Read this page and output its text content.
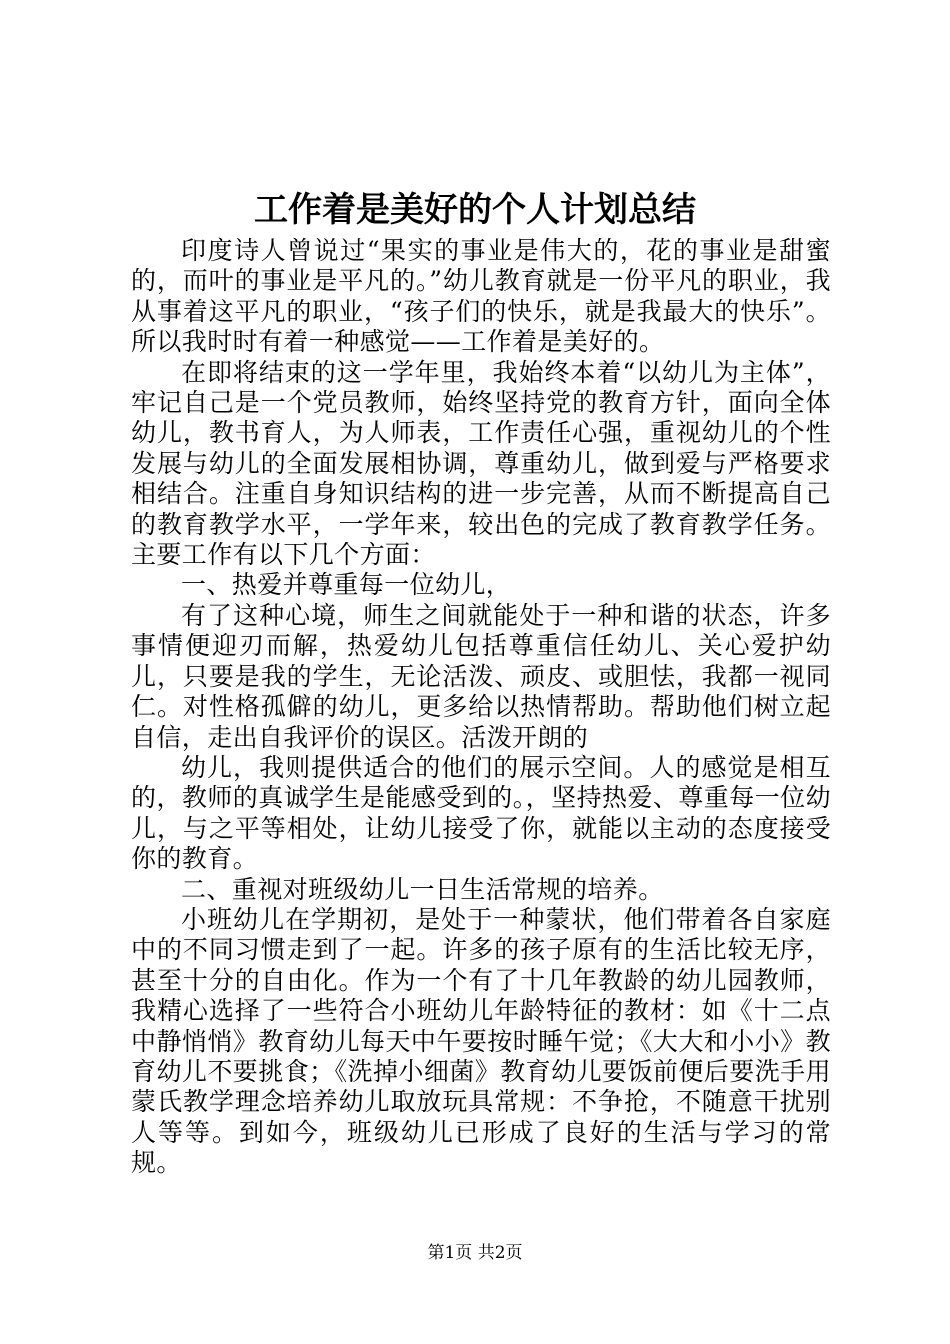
工作着是美好的个人计划总结

印度诗人曾说过“果实的事业是伟大的，花的事业是甜蜜的，而叶的事业是平凡的。”幼儿教育就是一份平凡的职业，我从事着这平凡的职业，“孩子们的快乐，就是我最大的快乐”。所以我时时有着一种感觉——工作着是美好的。

在即将结束的这一学年里，我始终本着“以幼儿为主体”，牢记自己是一个党员教师，始终坚持党的教育方针，面向全体幼儿，教书育人，为人师表，工作责任心强，重视幼儿的个性发展与幼儿的全面发展相协调，尊重幼儿，做到爱与严格要求相结合。注重自身知识结构的进一步完善，从而不断提高自己的教育教学水平，一学年来，较出色的完成了教育教学任务。主要工作有以下几个方面：

一、热爱并尊重每一位幼儿，

有了这种心境，师生之间就能处于一种和谐的状态，许多事情便迎刃而解，热爱幼儿包括尊重信任幼儿、关心爱护幼儿，只要是我的学生，无论活泼、顽皮、或胆怯，我都一视同仁。对性格孤僻的幼儿，更多给以热情帮助。帮助他们树立起自信，走出自我评价的误区。活泼开朗的

幼儿，我则提供适合的他们的展示空间。人的感觉是相互的，教师的真诚学生是能感受到的。，坚持热爱、尊重每一位幼儿，与之平等相处，让幼儿接受了你，就能以主动的态度接受你的教育。

二、重视对班级幼儿一日生活常规的培养。

小班幼儿在学期初，是处于一种蒙状，他们带着各自家庭中的不同习惯走到了一起。许多的孩子原有的生活比较无序，甚至十分的自由化。作为一个有了十几年教龄的幼儿园教师，我精心选择了一些符合小班幼儿年龄特征的教材：如《十二点中静悄悄》教育幼儿每天中午要按时睡午觉；《大大和小小》教育幼儿不要挑食；《洗掉小细菌》教育幼儿要饭前便后要洗手用蒙氏教学理念培养幼儿取放玩具常规：不争抢，不随意干扰别人等等。到如今，班级幼儿已形成了良好的生活与学习的常规。

第1页 共2页
